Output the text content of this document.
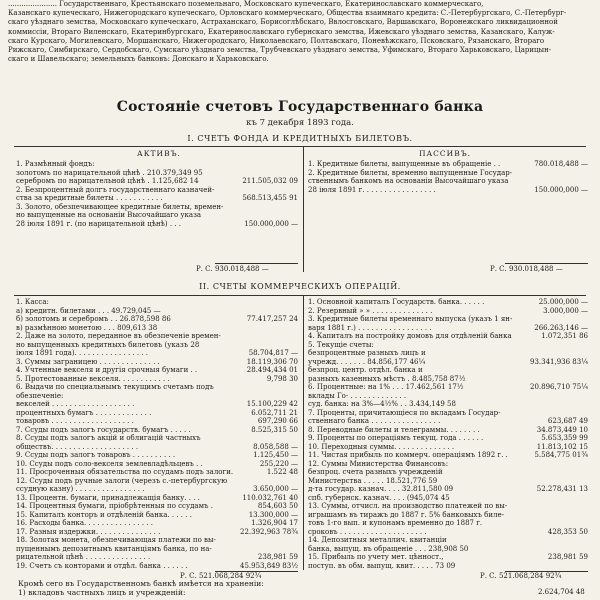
...................... Государственнаго, Крестьянскаго поземельнаго, Московскаго купеческаго, Екатеринославскаго коммерческаго,
Казанскаго купеческаго, Нижегородскаго купеческаго, Орловскаго коммерческаго, Общества взаимнаго кредита: С.-Петербургскаго, С.-Петербург-
скаго уѣзднаго земства, Московскаго купеческаго, Астраханскаго, Борисоглѣбскаго, Ввлосговскаго, Варшавскаго, Воронежскаго ликвидационной
коммиссіи, Втораго Виленскаго, Екатеринбургскаго, Екатеринославскаго губернскаго земства, Ижевскаго уѣзднаго земства, Казанскаго, Калуж-
скаго Курскаго, Могилевскаго, Моршанскаго, Нижегородскаго, Николаевскаго, Полтавскаго, Поневѣжскаго, Псковскаго, Рязанскаго, Втораго
Рижскаго, Симбирскаго, Сердобскаго, Сумскаго уѣзднаго земства, Трубчевскаго уѣзднаго земства, Уфимскаго, Втораго Харьковскаго, Царицын-
скаго и Шавельскаго; земельныхъ банковъ: Донскаго и Харьковскаго.
Состояніе счетовъ Государственнаго банка
къ 7 декабря 1893 года.
I. СЧЕТЪ ФОНДА И КРЕДИТНЫХЪ БИЛЕТОВЪ.
АКТИВЪ.	ПАССИВЪ.
1. Размѣнный фондъ:
золотомъ по нарицательной цѣнѣ . 210.379,349 95
серебромъ по нарицательной цѣнѣ . 1.125,682 14	211.505,032 09
2. Безпроцентный долгъ государственнаго казначей-
ства за кредитные билеты . . . . . . . . . . .	568.513,455 91
3. Золото, обезпечивающее кредитные билеты, времен-
но выпущенные на основаніи Высочайшаго указа
28 іюля 1891 г. (по нарицательной цѣнѣ) . . .	150.000,000 —
1. Кредитные билеты, выпущенные въ обращеніе . .	780.018,488 —
2. Кредитные билеты, временно выпущенные Государ-
ственнымъ банкомъ на основаніи Высочайшаго указа
28 іюля 1891 г. . . . . . . . . . . . . . . . .	150.000,000 —
Р. С. 930.018,488 —	Р. С. 930.018,488 —
II. СЧЕТЫ КОММЕРЧЕСКИХЪ ОПЕРАЦІЙ.
1. Касса:
а) кредитн. билетами . . . 49.729,045 —
б) золотомъ и серебромъ . . 26.878,598 86	77.417,257 24
в) размѣнною монетою . . . 809,613 38
2. Даже на золото, переданное въ обезпеченіе времен-
но выпущенныхъ кредитныхъ билетовъ (указъ 28
іюля 1891 года). . . . . . . . . . . . . . . . .	58.704,817 —
3. Суммы заграницею . . . . . . . . . . . . . .	18.119,306 70
4. Учтенные векселя и другія срочныя бумаги . .	28.494,434 01
5. Протестованные векселя. . . . . . . . . . . .	9,798 30
6. Выдачи по специальнымъ текущимъ счетамъ подъ
обезпеченіе:
векселей . . . . . . . . . . . . . . . . . . .	15.100,229 42
процентныхъ бумагъ . . . . . . . . . . . . .	6.052,711 21
товаровъ . . . . . . . . . . . . . . . . . . .	697,290 66
7. Ссуды подъ залогъ государств. бумагъ . . . . .	8.525,315 50
8. Ссуды подъ залогъ акцій и облигацій частныхъ
обществъ. . . . . . . . . . . . . . . . . . . .	8.058,588 —
9. Ссуды подъ залогъ товаровъ . . . . . . . . . .	1.125,450 —
10. Ссуды подъ соло-векселя землевладѣльцевъ . .	255,220 —
11. Просроченныя обязательства по ссудамъ подъ залоги.	1.522 48
12. Ссуды подъ ручные залоги (черезъ с.-петербургскую
ссудную казну) . . . . . . . . . . . . . . . .	3.650,000 —
13. Процентн. бумаги, принадлежащія банку. . . .	110.032,761 40
14. Процентныя бумаги, пріобрѣтенныя по ссудамъ .	854,603 50
15. Капиталъ конторъ и отдѣленій банка. . . . . .	13.300,000 —
16. Расходы банка. . . . . . . . . . . . . . . .	1.326,904 17
17. Разныя издержки. . . . . . . . . . . . . . .	22.392,963 78¾
18. Золотая монета, обезпечивающая платежи по вы-
пущеннымъ депозитнымъ квитанціямъ банка, по на-
рицательной цѣнѣ . . . . . . . . . . . . . . .	238,981 59
19. Счетъ съ конторами и отдѣл. банка . . . . . .	45.953,849 83½
1. Основной капиталъ Государств. банка. . . . . .	25.000,000 —
2. Резервный » » . . . . . . . . . . . . . .	3.000,000 —
3. Кредитные билеты временнаго выпуска (указъ 1 ян-
варя 1881 г.) . . . . . . . . . . . . . . . . .	266.263,146 —
4. Капиталъ на постройку домовъ для отдѣленій банка	1.072,351 86
5. Текущіе счеты:
безпроцентные разныхъ лицъ и
учрежд. . . . . . . 84.856,177 46¼	93.341,936 83¼
безпроц. центр. отдѣл. банка и
разныхъ казенныхъ мѣстъ . 8.485,758 87½
6. Процентные: на 1% . . . 17.462,561 17½	20.896,710 75¼
вклады Го- . . . . . . . . . . . . .
суд. банка: на 3%—4½% . . 3.434,149 58
7. Проценты, причитающіеся по вкладамъ Государ-
ственнаго банка . . . . . . . . . . . . . . . .	623,687 49
8. Переводные билеты и телеграммы. . . . . . . .	34.873,449 10
9. Проценты по операціямъ текущ. года . . . . . .	5.653,359 99
10. Переходныя суммы. . . . . . . . . . . . . .	11.813,102 15
11. Чистая прибыль по коммерч. операціямъ 1892 г. .	5.584,775 01¾
12. Суммы Министерства Финансовъ:
безпроц. счета разныхъ учрежденій
Министерства . . . . . 18.521,776 59
д-та государ. казнач. . . . 32.811,580 09	52.278,431 13
спб. губернск. казнач. . . . (945,074 45
13. Суммы, отчисл. на производство платежей по вы-
игрышамъ въ тиражъ до 1887 г. 5% банковыхъ биле-
товъ 1-го вып. и купонамъ временно до 1887 г.
сроковъ . . . . . . . . . . . . . . . . . . . .	428,353 50
14. Депозитныя металлич. квитанціи
банка, выпущ. въ обращеніе . . . 238,908 50
15. Прибыль по учету мет. цѣнност.,	238,981 59
поступ. въ обм. выпущ. квит. . . . . 73 09
Р. С. 521.068,284 92¾	Р. С. 521.068,284 92¾
Кромѣ сего въ Государственномъ банкѣ имѣется на храненіи:
1) вкладовъ частныхъ лицъ и учрежденій:	2.624,704 48
